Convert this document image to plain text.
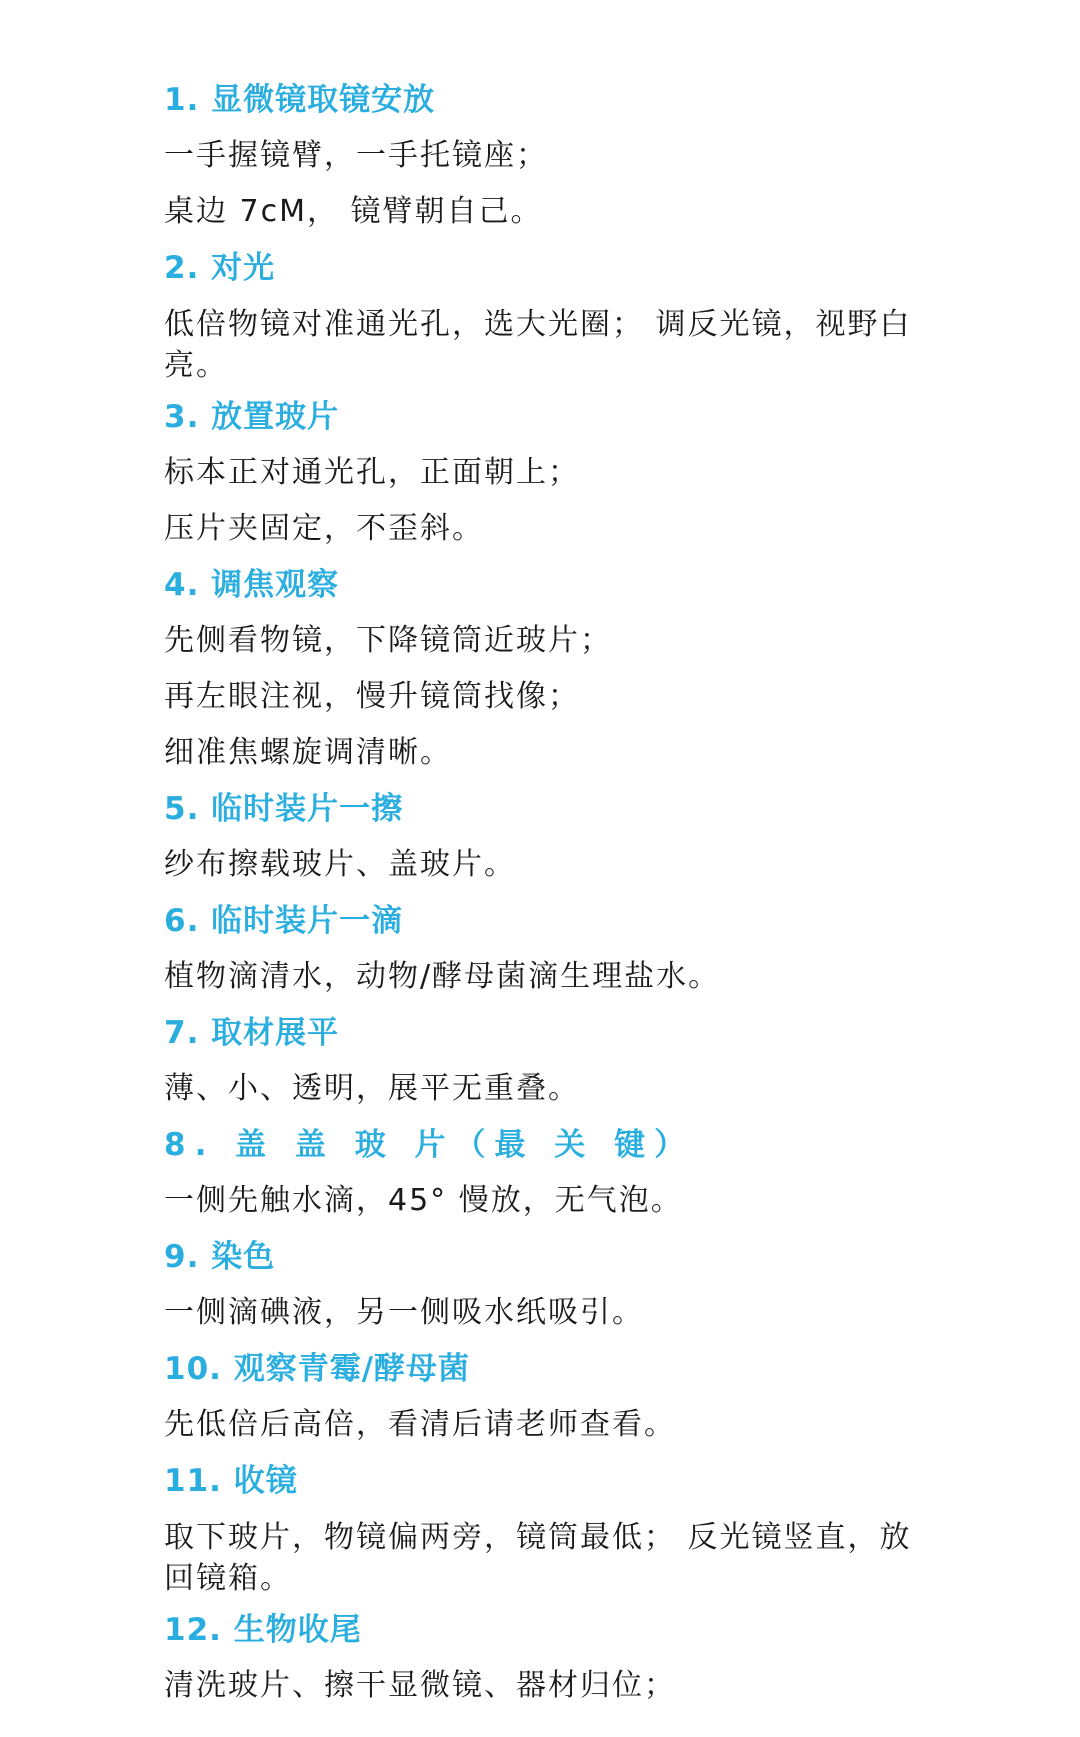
1. 显微镜取镜安放
一手握镜臂，一手托镜座；
桌边 7cM， 镜臂朝自己。
2. 对光
低倍物镜对准通光孔，选大光圈； 调反光镜，视野白亮。
3. 放置玻片
标本正对通光孔，正面朝上；
压片夹固定，不歪斜。
4. 调焦观察
先侧看物镜，下降镜筒近玻片；
再左眼注视，慢升镜筒找像；
细准焦螺旋调清晰。
5. 临时装片一擦
纱布擦载玻片、盖玻片。
6. 临时装片一滴
植物滴清水，动物/酵母菌滴生理盐水。
7. 取材展平
薄、小、透明，展平无重叠。
8. 盖 盖 玻 片（最 关 键）
一侧先触水滴，45° 慢放，无气泡。
9. 染色
一侧滴碘液，另一侧吸水纸吸引。
10. 观察青霉/酵母菌
先低倍后高倍，看清后请老师查看。
11. 收镜
取下玻片，物镜偏两旁，镜筒最低； 反光镜竖直，放回镜箱。
12. 生物收尾
清洗玻片、擦干显微镜、器材归位；
